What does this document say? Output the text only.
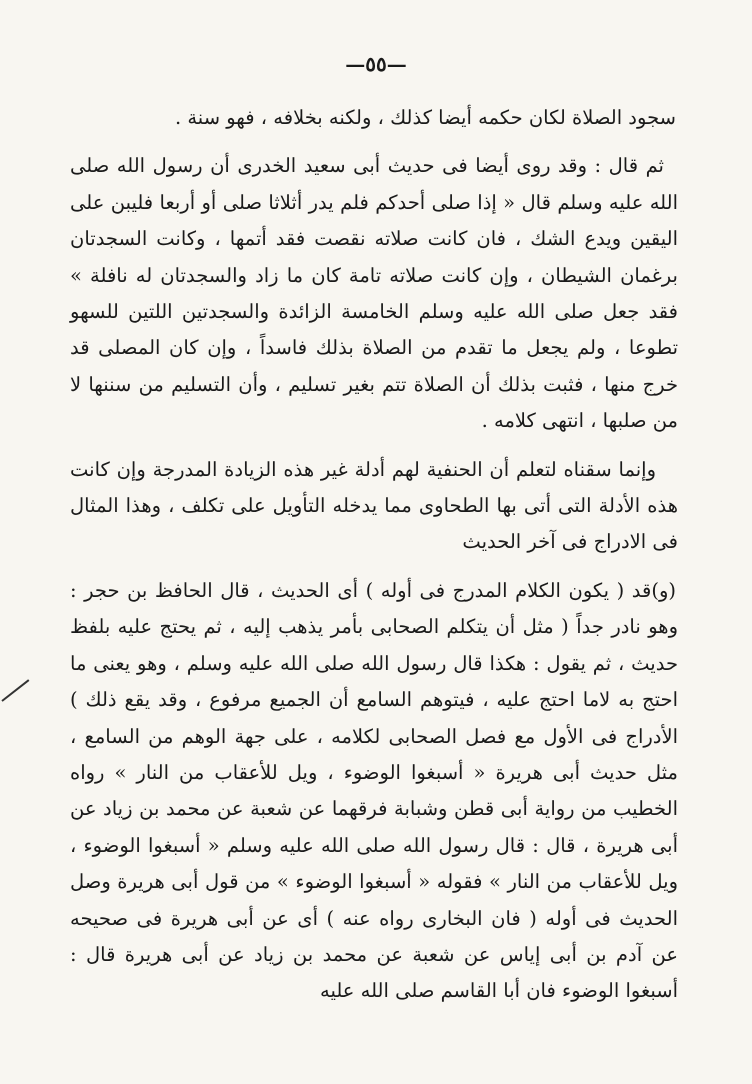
—٥٥—

سجود الصلاة لكان حكمه أيضا كذلك ، ولكنه بخلافه ، فهو سنة .

ثم قال : وقد روى أيضا فى حديث أبى سعيد الخدرى أن رسول الله صلى الله عليه وسلم قال « إذا صلى أحدكم فلم يدر أثلاثا صلى أو أربعا فليبن على اليقين ويدع الشك ، فان كانت صلاته نقصت فقد أتمها ، وكانت السجدتان برغمان الشيطان ، وإن كانت صلاته تامة كان ما زاد والسجدتان له نافلة » فقد جعل صلى الله عليه وسلم الخامسة الزائدة والسجدتين اللتين للسهو تطوعا ، ولم يجعل ما تقدم من الصلاة بذلك فاسداً ، وإن كان المصلى قد خرج منها ، فثبت بذلك أن الصلاة تتم بغير تسليم ، وأن التسليم من سننها لا من صلبها ، انتهى كلامه .

وإنما سقناه لتعلم أن الحنفية لهم أدلة غير هذه الزيادة المدرجة وإن كانت هذه الأدلة التى أتى بها الطحاوى مما يدخله التأويل على تكلف ، وهذا المثال فى الادراج فى آخر الحديث

(و)قد ( يكون الكلام المدرج فى أوله ) أى الحديث ، قال الحافظ بن حجر : وهو نادر جداً ( مثل أن يتكلم الصحابى بأمر يذهب إليه ، ثم يحتج عليه بلفظ حديث ، ثم يقول : هكذا قال رسول الله صلى الله عليه وسلم ، وهو يعنى ما احتج به لاما احتج عليه ، فيتوهم السامع أن الجميع مرفوع ، وقد يقع ذلك ) الأدراج فى الأول مع فصل الصحابى لكلامه ، على جهة الوهم من السامع ، مثل حديث أبى هريرة « أسبغوا الوضوء ، ويل للأعقاب من النار » رواه الخطيب من رواية أبى قطن وشبابة فرقهما عن شعبة عن محمد بن زياد عن أبى هريرة ، قال : قال رسول الله صلى الله عليه وسلم « أسبغوا الوضوء ، ويل للأعقاب من النار » فقوله « أسبغوا الوضوء » من قول أبى هريرة وصل الحديث فى أوله ( فان البخارى رواه عنه ) أى عن أبى هريرة فى صحيحه عن آدم بن أبى إياس عن شعبة عن محمد بن زياد عن أبى هريرة قال : أسبغوا الوضوء فان أبا القاسم صلى الله عليه
